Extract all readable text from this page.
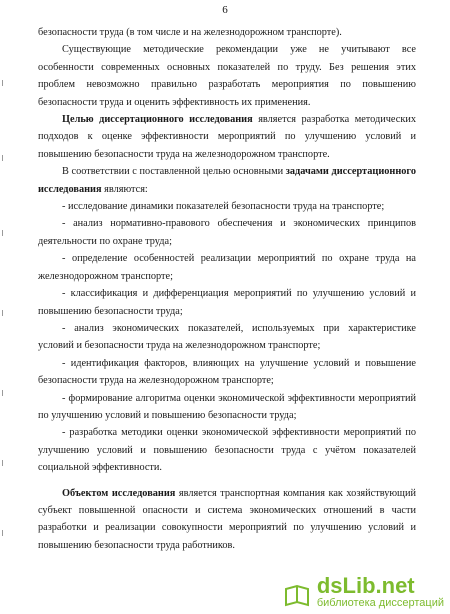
6

безопасности труда (в том числе и на железнодорожном транспорте).

Существующие методические рекомендации уже не учитывают все особенности современных основных показателей по труду. Без решения этих проблем невозможно правильно разработать мероприятия по повышению безопасности труда и оценить эффективность их применения.

Целью диссертационного исследования является разработка методических подходов к оценке эффективности мероприятий по улучшению условий и повышению безопасности труда на железнодорожном транспорте.

В соответствии с поставленной целью основными задачами диссертационного исследования являются:

- исследование динамики показателей безопасности труда на транспорте;

- анализ нормативно-правового обеспечения и экономических принципов деятельности по охране труда;

- определение особенностей реализации мероприятий по охране труда на железнодорожном транспорте;

- классификация и дифференциация мероприятий по улучшению условий и повышению безопасности труда;

- анализ экономических показателей, используемых при характеристике условий и безопасности труда на железнодорожном транспорте;

- идентификация факторов, влияющих на улучшение условий и повышение безопасности труда на железнодорожном транспорте;

- формирование алгоритма оценки экономической эффективности мероприятий по улучшению условий и повышению безопасности труда;

- разработка методики оценки экономической эффективности мероприятий по улучшению условий и повышению безопасности труда с учётом показателей социальной эффективности.

Объектом исследования является транспортная компания как хозяйствующий субъект повышенной опасности и система экономических отношений в части разработки и реализации совокупности мероприятий по улучшению условий и повышению безопасности труда работников.

dsLib.net
библиотека диссертаций
